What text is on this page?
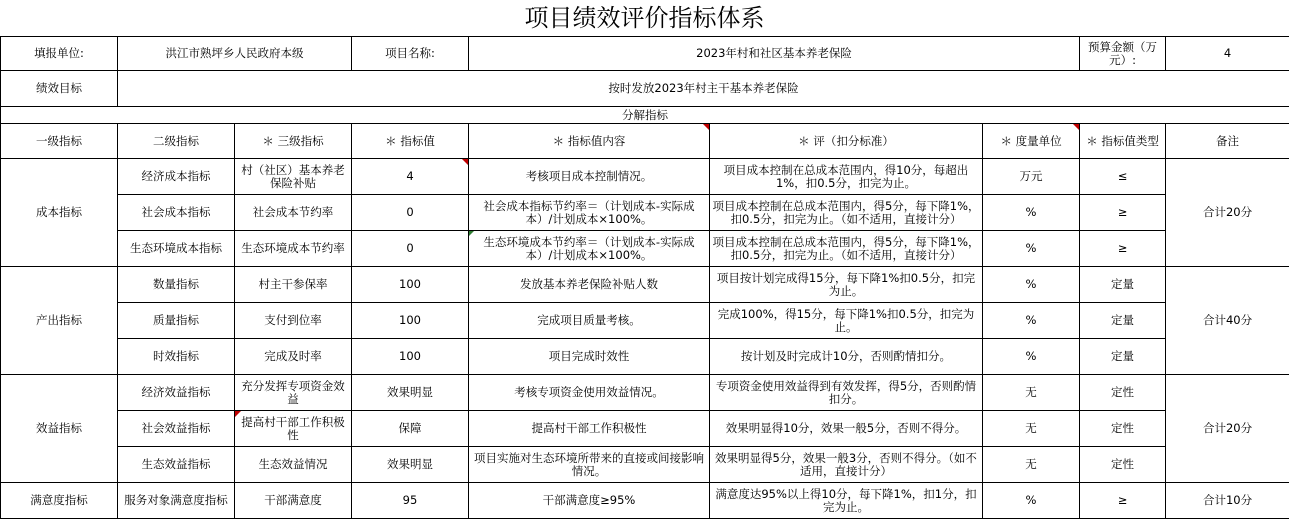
项目绩效评价指标体系
填报单位:	洪江市熟坪乡人民政府本级		项目名称:	2023年村和社区基本养老保险			预算金额（万元）:	4
绩效目标	按时发放2023年村主干基本养老保险							
分解指标								
一级指标	二级指标	＊ 三级指标	＊ 指标值	＊ 指标值内容	＊ 评（扣分标准）	＊ 度量单位	＊ 指标值类型	备注
成本指标	经济成本指标	村（社区）基本养老保险补贴	4	考核项目成本控制情况。	项目成本控制在总成本范围内，得10分，每超出1%，扣0.5分，扣完为止。	万元	≤	合计20分
	社会成本指标	社会成本节约率	0	社会成本指标节约率＝（计划成本-实际成本）/计划成本×100%。	项目成本控制在总成本范围内，得5分，每下降1%，扣0.5分，扣完为止。（如不适用，直接计分）	%	≥	
	生态环境成本指标	生态环境成本节约率	0	生态环境成本节约率＝（计划成本-实际成本）/计划成本×100%。	项目成本控制在总成本范围内，得5分，每下降1%，扣0.5分，扣完为止。（如不适用，直接计分）	%	≥	
产出指标	数量指标	村主干参保率	100	发放基本养老保险补贴人数	项目按计划完成得15分，每下降1%扣0.5分，扣完为止。	%	定量	合计40分
	质量指标	支付到位率	100	完成项目质量考核。	完成100%，得15分，每下降1%扣0.5分，扣完为止。	%	定量	
	时效指标	完成及时率	100	项目完成时效性	按计划及时完成计10分，否则酌情扣分。	%	定量	
效益指标	经济效益指标	充分发挥专项资金效益	效果明显	考核专项资金使用效益情况。	专项资金使用效益得到有效发挥，得5分，否则酌情扣分。	无	定性	合计20分
	社会效益指标	提高村干部工作积极性	保障	提高村干部工作积极性	效果明显得10分，效果一般5分，否则不得分。	无	定性	
	生态效益指标	生态效益情况	效果明显	项目实施对生态环境所带来的直接或间接影响情况。	效果明显得5分，效果一般3分，否则不得分。（如不适用，直接计分）	无	定性	
满意度指标	服务对象满意度指标	干部满意度	95	干部满意度≥95%	满意度达95%以上得10分，每下降1%，扣1分，扣完为止。	%	≥	合计10分
